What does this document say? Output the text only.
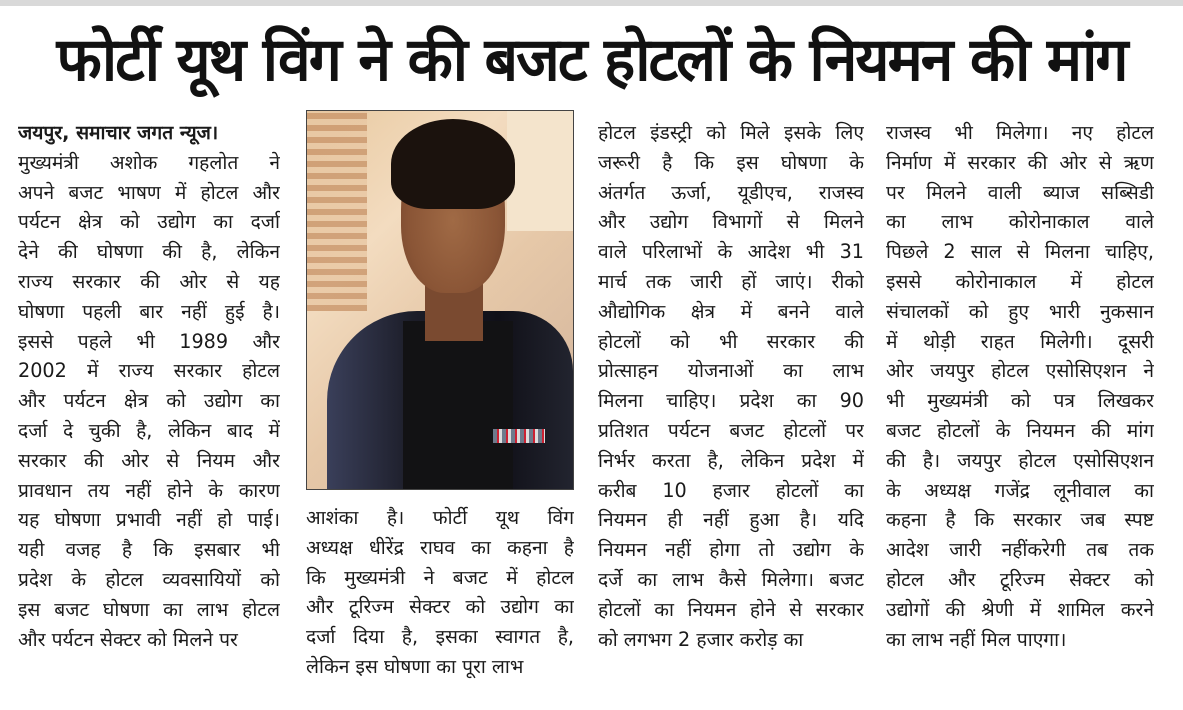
फोर्टी यूथ विंग ने की बजट होटलों के नियमन की मांग
जयपुर, समाचार जगत न्यूज।
मुख्यमंत्री अशोक गहलोत ने
अपने बजट भाषण में होटल और
पर्यटन क्षेत्र को उद्योग का दर्जा
देने की घोषणा की है, लेकिन
राज्य सरकार की ओर से यह
घोषणा पहली बार नहीं हुई है।
इससे पहले भी 1989 और
2002 में राज्य सरकार होटल
और पर्यटन क्षेत्र को उद्योग का
दर्जा दे चुकी है, लेकिन बाद में
सरकार की ओर से नियम और
प्रावधान तय नहीं होने के कारण
यह घोषणा प्रभावी नहीं हो पाई।
यही वजह है कि इसबार भी
प्रदेश के होटल व्यवसायियों को
इस बजट घोषणा का लाभ होटल
और पर्यटन सेक्टर को मिलने पर
आशंका है। फोर्टी यूथ विंग
अध्यक्ष धीरेंद्र राघव का कहना है
कि मुख्यमंत्री ने बजट में होटल
और टूरिज्म सेक्टर को उद्योग का
दर्जा दिया है, इसका स्वागत है,
लेकिन इस घोषणा का पूरा लाभ
होटल इंडस्ट्री को मिले इसके लिए
जरूरी है कि इस घोषणा के
अंतर्गत ऊर्जा, यूडीएच, राजस्व
और उद्योग विभागों से मिलने
वाले परिलाभों के आदेश भी 31
मार्च तक जारी हों जाएं। रीको
औद्योगिक क्षेत्र में बनने वाले
होटलों को भी सरकार की
प्रोत्साहन योजनाओं का लाभ
मिलना चाहिए। प्रदेश का 90
प्रतिशत पर्यटन बजट होटलों पर
निर्भर करता है, लेकिन प्रदेश में
करीब 10 हजार होटलों का
नियमन ही नहीं हुआ है। यदि
नियमन नहीं होगा तो उद्योग के
दर्जे का लाभ कैसे मिलेगा। बजट
होटलों का नियमन होने से सरकार
को लगभग 2 हजार करोड़ का
राजस्व भी मिलेगा। नए होटल
निर्माण में सरकार की ओर से ऋण
पर मिलने वाली ब्याज सब्सिडी
का लाभ कोरोनाकाल वाले
पिछले 2 साल से मिलना चाहिए,
इससे कोरोनाकाल में होटल
संचालकों को हुए भारी नुकसान
में थोड़ी राहत मिलेगी। दूसरी
ओर जयपुर होटल एसोसिएशन ने
भी मुख्यमंत्री को पत्र लिखकर
बजट होटलों के नियमन की मांग
की है। जयपुर होटल एसोसिएशन
के अध्यक्ष गजेंद्र लूनीवाल का
कहना है कि सरकार जब स्पष्ट
आदेश जारी नहींकरेगी तब तक
होटल और टूरिज्म सेक्टर को
उद्योगों की श्रेणी में शामिल करने
का लाभ नहीं मिल पाएगा।
